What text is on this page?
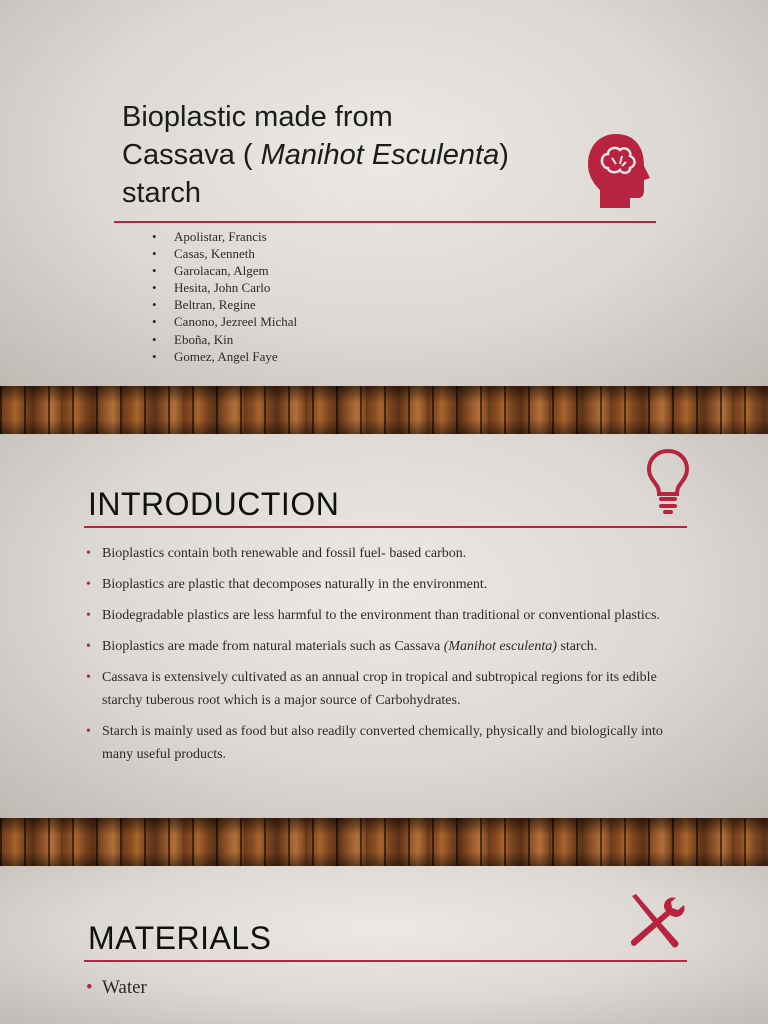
Bioplastic made from
Cassava ( Manihot Esculenta)
starch
• Apolistar, Francis
• Casas, Kenneth
• Garolacan, Algem
• Hesita, John Carlo
• Beltran, Regine
• Canono, Jezreel Michal
• Eboña, Kin
• Gomez, Angel Faye
INTRODUCTION
• Bioplastics contain both renewable and fossil fuel- based carbon.
• Bioplastics are plastic that decomposes naturally in the environment.
• Biodegradable plastics are less harmful to the environment than traditional or conventional plastics.
• Bioplastics are made from natural materials such as Cassava (Manihot esculenta) starch.
• Cassava is extensively cultivated as an annual crop in tropical and subtropical regions for its edible starchy tuberous root which is a major source of Carbohydrates.
• Starch is mainly used as food but also readily converted chemically, physically and biologically into many useful products.
MATERIALS
• Water
